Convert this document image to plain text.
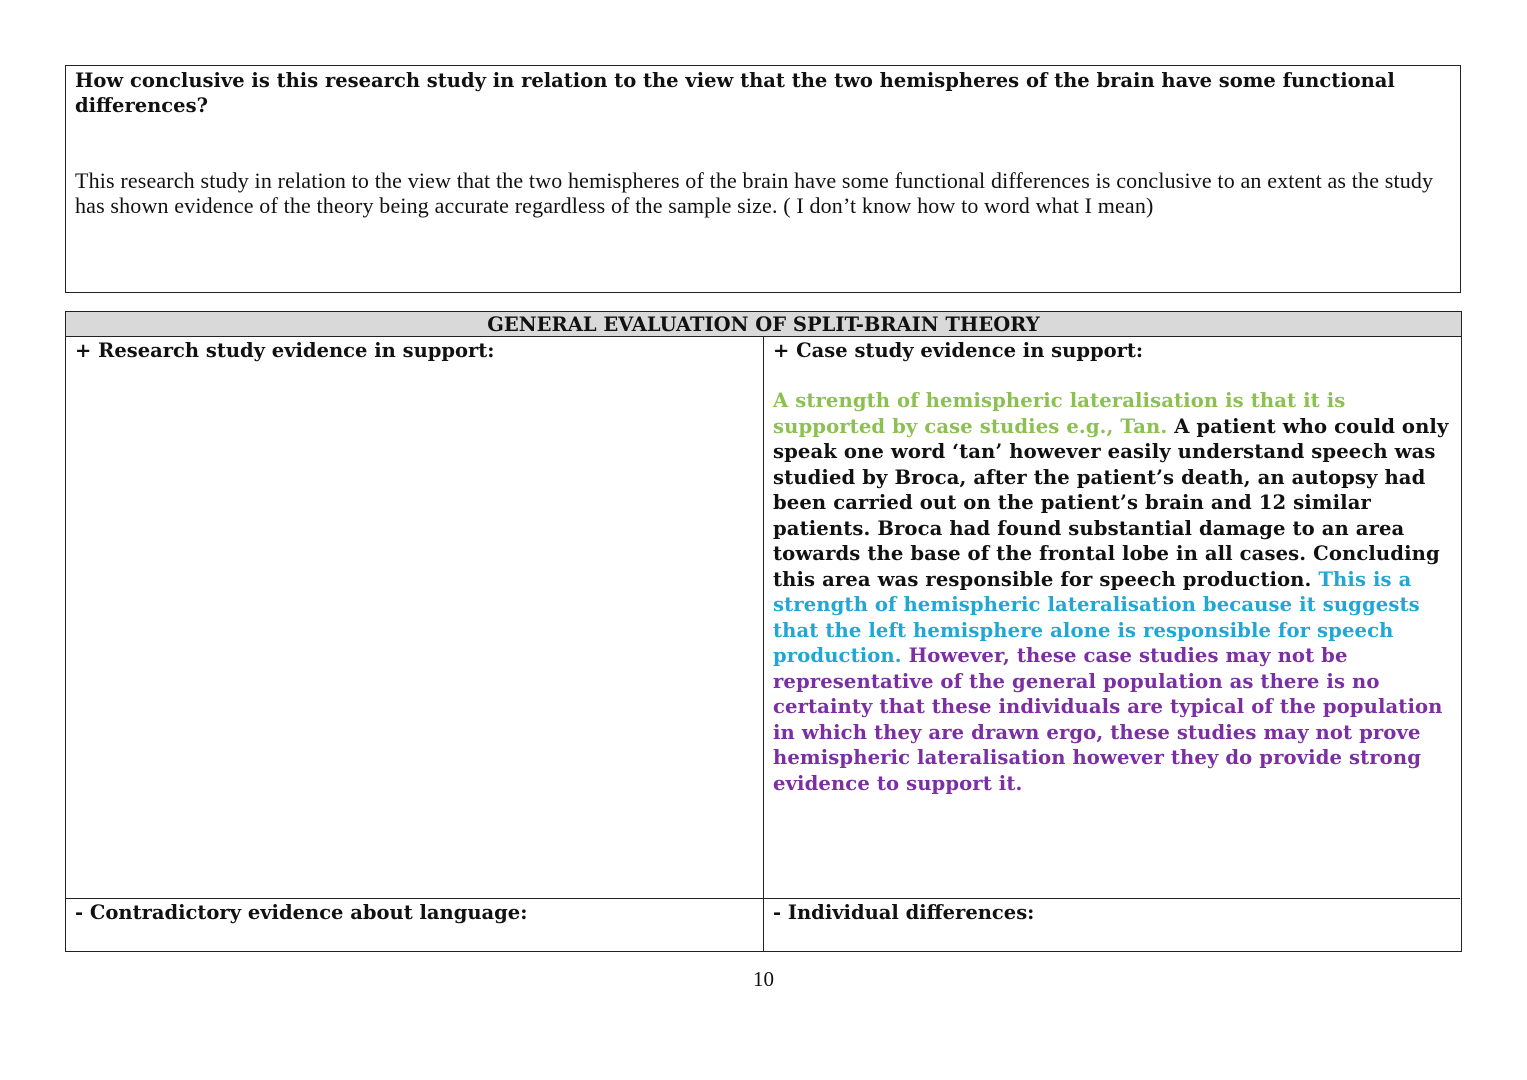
How conclusive is this research study in relation to the view that the two hemispheres of the brain have some functional differences?

This research study in relation to the view that the two hemispheres of the brain have some functional differences is conclusive to an extent as the study has shown evidence of the theory being accurate regardless of the sample size. ( I don’t know how to word what I mean)

GENERAL EVALUATION OF SPLIT-BRAIN THEORY
+ Research study evidence in support:	+ Case study evidence in support:

A strength of hemispheric lateralisation is that it is supported by case studies e.g., Tan. A patient who could only speak one word ‘tan’ however easily understand speech was studied by Broca, after the patient’s death, an autopsy had been carried out on the patient’s brain and 12 similar patients. Broca had found substantial damage to an area towards the base of the frontal lobe in all cases. Concluding this area was responsible for speech production. This is a strength of hemispheric lateralisation because it suggests that the left hemisphere alone is responsible for speech production. However, these case studies may not be representative of the general population as there is no certainty that these individuals are typical of the population in which they are drawn ergo, these studies may not prove hemispheric lateralisation however they do provide strong evidence to support it.

- Contradictory evidence about language:	- Individual differences:
10
